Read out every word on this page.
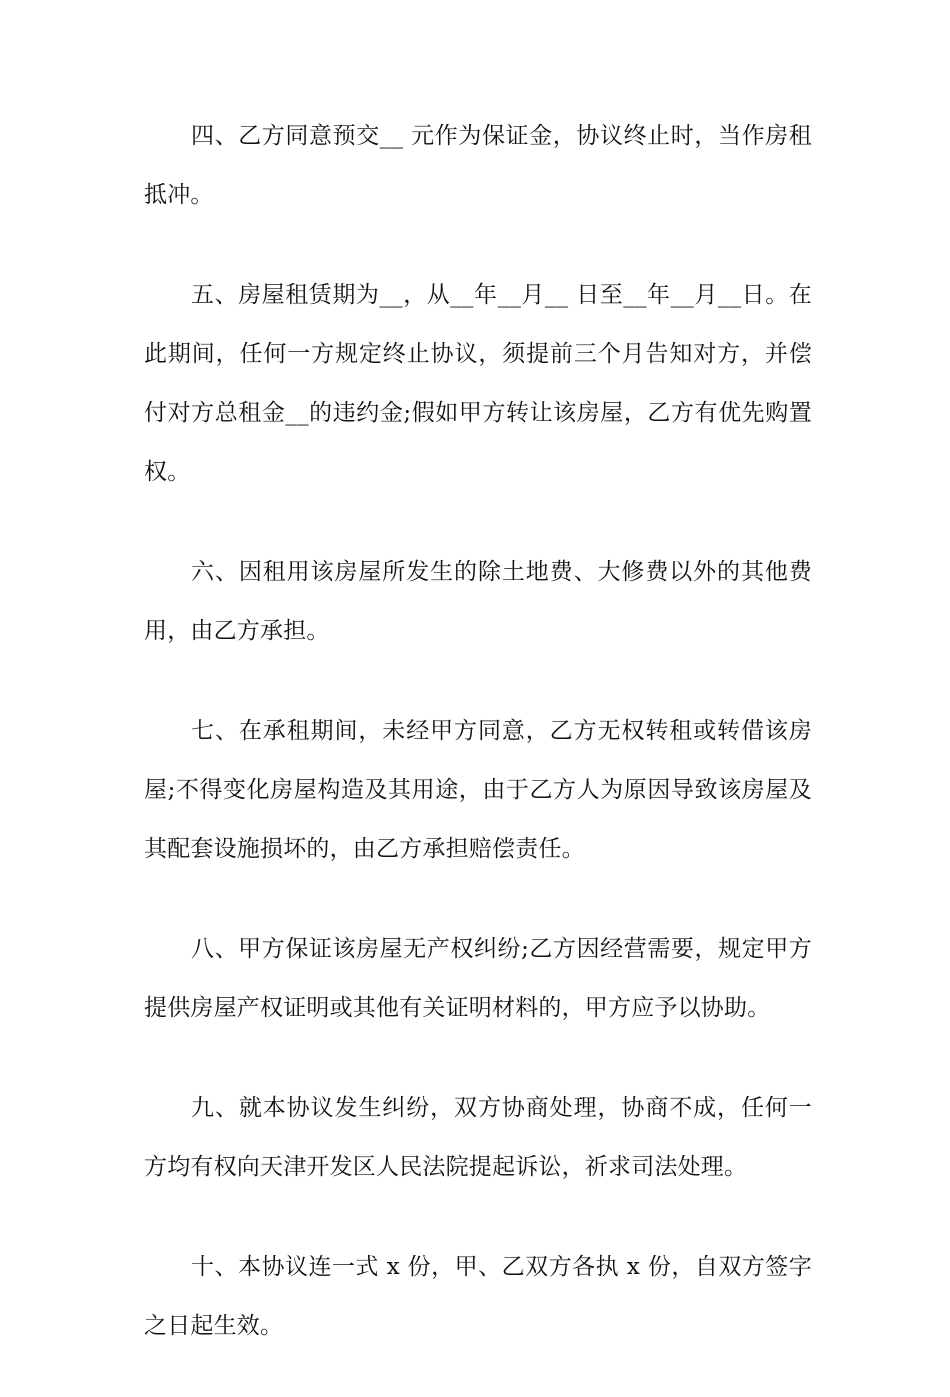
四、乙方同意预交__ 元作为保证金，协议终止时，当作房租抵冲。

五、房屋租赁期为__，从__年__月__ 日至__年__月__日。在此期间，任何一方规定终止协议，须提前三个月告知对方，并偿付对方总租金__的违约金;假如甲方转让该房屋，乙方有优先购置权。

六、因租用该房屋所发生的除土地费、大修费以外的其他费用，由乙方承担。

七、在承租期间，未经甲方同意，乙方无权转租或转借该房屋;不得变化房屋构造及其用途，由于乙方人为原因导致该房屋及其配套设施损坏的，由乙方承担赔偿责任。

八、甲方保证该房屋无产权纠纷;乙方因经营需要，规定甲方提供房屋产权证明或其他有关证明材料的，甲方应予以协助。

九、就本协议发生纠纷，双方协商处理，协商不成，任何一方均有权向天津开发区人民法院提起诉讼，祈求司法处理。

十、本协议连一式 x 份，甲、乙双方各执 x 份，自双方签字之日起生效。
